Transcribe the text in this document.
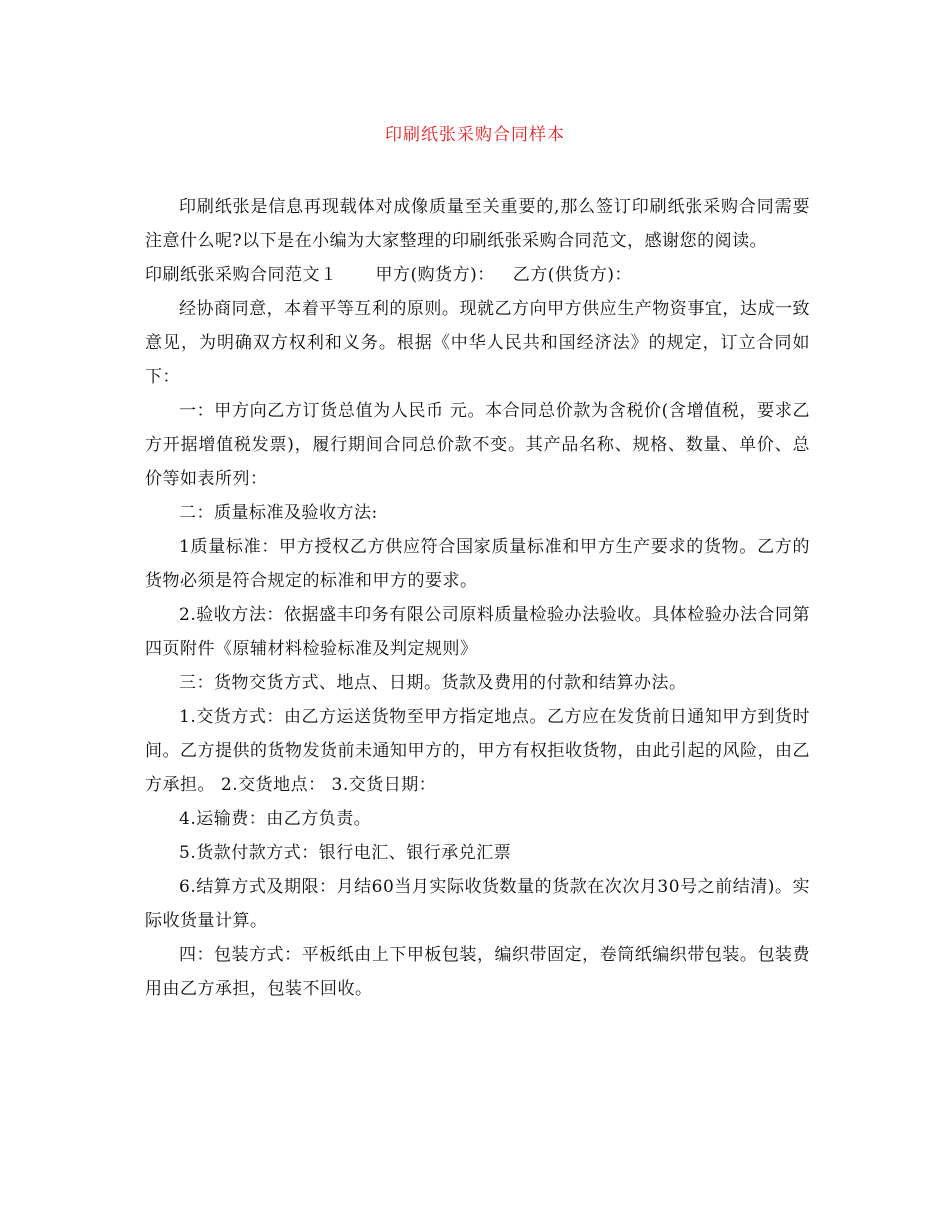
印刷纸张采购合同样本

印刷纸张是信息再现载体对成像质量至关重要的,那么签订印刷纸张采购合同需要注意什么呢?以下是在小编为大家整理的印刷纸张采购合同范文，感谢您的阅读。

印刷纸张采购合同范文１ 甲方(购货方)： 乙方(供货方)：

经协商同意，本着平等互利的原则。现就乙方向甲方供应生产物资事宜，达成一致意见，为明确双方权利和义务。根据《中华人民共和国经济法》的规定，订立合同如下：

一：甲方向乙方订货总值为人民币 元。本合同总价款为含税价(含增值税，要求乙方开据增值税发票)，履行期间合同总价款不变。其产品名称、规格、数量、单价、总价等如表所列：

二：质量标准及验收方法:

1质量标准：甲方授权乙方供应符合国家质量标准和甲方生产要求的货物。乙方的货物必须是符合规定的标准和甲方的要求。

2.验收方法：依据盛丰印务有限公司原料质量检验办法验收。具体检验办法合同第四页附件《原辅材料检验标准及判定规则》

三：货物交货方式、地点、日期。货款及费用的付款和结算办法。

1.交货方式：由乙方运送货物至甲方指定地点。乙方应在发货前日通知甲方到货时间。乙方提供的货物发货前未通知甲方的，甲方有权拒收货物，由此引起的风险，由乙方承担。 2.交货地点： 3.交货日期：

4.运输费：由乙方负责。

5.货款付款方式：银行电汇、银行承兑汇票

6.结算方式及期限：月结60当月实际收货数量的货款在次次月30号之前结清)。实际收货量计算。

四：包装方式：平板纸由上下甲板包装，编织带固定，卷筒纸编织带包装。包装费用由乙方承担，包装不回收。
